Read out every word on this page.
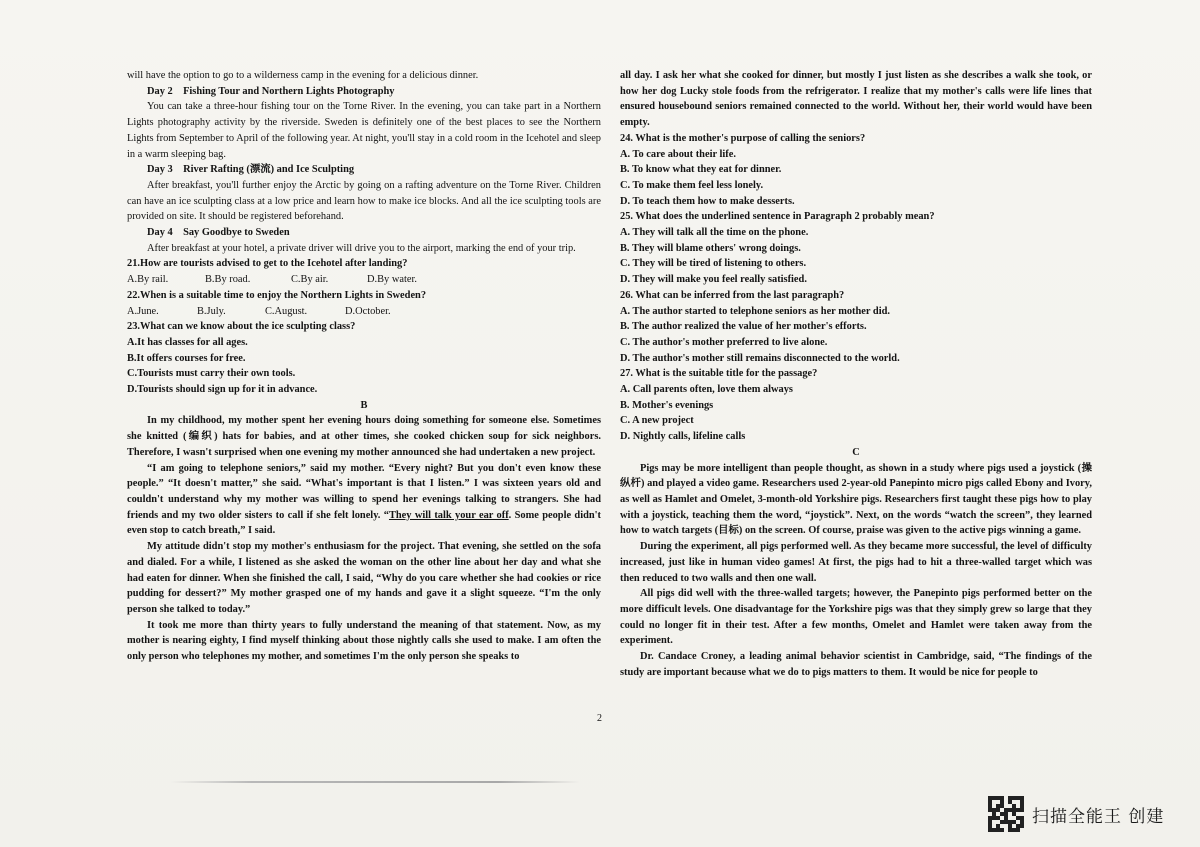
will have the option to go to a wilderness camp in the evening for a delicious dinner.

Day 2    Fishing Tour and Northern Lights Photography

You can take a three-hour fishing tour on the Torne River. In the evening, you can take part in a Northern Lights photography activity by the riverside. Sweden is definitely one of the best places to see the Northern Lights from September to April of the following year. At night, you'll stay in a cold room in the Icehotel and sleep in a warm sleeping bag.

Day 3    River Rafting (漂流) and Ice Sculpting

After breakfast, you'll further enjoy the Arctic by going on a rafting adventure on the Torne River. Children can have an ice sculpting class at a low price and learn how to make ice blocks. And all the ice sculpting tools are provided on site. It should be registered beforehand.

Day 4    Say Goodbye to Sweden

After breakfast at your hotel, a private driver will drive you to the airport, marking the end of your trip.

21.How are tourists advised to get to the Icehotel after landing?

A.By rail.	B.By road.	C.By air.	D.By water.

22.When is a suitable time to enjoy the Northern Lights in Sweden?

A.June.	B.July.	C.August.	D.October.

23.What can we know about the ice sculpting class?

A.It has classes for all ages.

B.It offers courses for free.

C.Tourists must carry their own tools.

D.Tourists should sign up for it in advance.

B

In my childhood, my mother spent her evening hours doing something for someone else. Sometimes she knitted (编织) hats for babies, and at other times, she cooked chicken soup for sick neighbors. Therefore, I wasn't surprised when one evening my mother announced she had undertaken a new project.

“I am going to telephone seniors,” said my mother. “Every night? But you don't even know these people.” “It doesn't matter,” she said. “What's important is that I listen.” I was sixteen years old and couldn't understand why my mother was willing to spend her evenings talking to strangers. She had friends and my two older sisters to call if she felt lonely. “They will talk your ear off. Some people didn't even stop to catch breath,” I said.

My attitude didn't stop my mother's enthusiasm for the project. That evening, she settled on the sofa and dialed. For a while, I listened as she asked the woman on the other line about her day and what she had eaten for dinner. When she finished the call, I said, “Why do you care whether she had cookies or rice pudding for dessert?” My mother grasped one of my hands and gave it a slight squeeze. “I'm the only person she talked to today.”

It took me more than thirty years to fully understand the meaning of that statement. Now, as my mother is nearing eighty, I find myself thinking about those nightly calls she used to make. I am often the only person who telephones my mother, and sometimes I'm the only person she speaks to

all day. I ask her what she cooked for dinner, but mostly I just listen as she describes a walk she took, or how her dog Lucky stole foods from the refrigerator. I realize that my mother's calls were life lines that ensured housebound seniors remained connected to the world. Without her, their world would have been empty.

24. What is the mother's purpose of calling the seniors?

A. To care about their life.

B. To know what they eat for dinner.

C. To make them feel less lonely.

D. To teach them how to make desserts.

25. What does the underlined sentence in Paragraph 2 probably mean?

A. They will talk all the time on the phone.

B. They will blame others' wrong doings.

C. They will be tired of listening to others.

D. They will make you feel really satisfied.

26. What can be inferred from the last paragraph?

A. The author started to telephone seniors as her mother did.

B. The author realized the value of her mother's efforts.

C. The author's mother preferred to live alone.

D. The author's mother still remains disconnected to the world.

27. What is the suitable title for the passage?

A. Call parents often, love them always

B. Mother's evenings

C. A new project

D. Nightly calls, lifeline calls

C

Pigs may be more intelligent than people thought, as shown in a study where pigs used a joystick (操纵杆) and played a video game. Researchers used 2-year-old Panepinto micro pigs called Ebony and Ivory, as well as Hamlet and Omelet, 3-month-old Yorkshire pigs. Researchers first taught these pigs how to play with a joystick, teaching them the word, “joystick”. Next, on the words “watch the screen”, they learned how to watch targets (目标) on the screen. Of course, praise was given to the active pigs winning a game.

During the experiment, all pigs performed well. As they became more successful, the level of difficulty increased, just like in human video games! At first, the pigs had to hit a three-walled target which was then reduced to two walls and then one wall.

All pigs did well with the three-walled targets; however, the Panepinto pigs performed better on the more difficult levels. One disadvantage for the Yorkshire pigs was that they simply grew so large that they could no longer fit in their test. After a few months, Omelet and Hamlet were taken away from the experiment.

Dr. Candace Croney, a leading animal behavior scientist in Cambridge, said, “The findings of the study are important because what we do to pigs matters to them. It would be nice for people to

2
扫描全能王 创建
